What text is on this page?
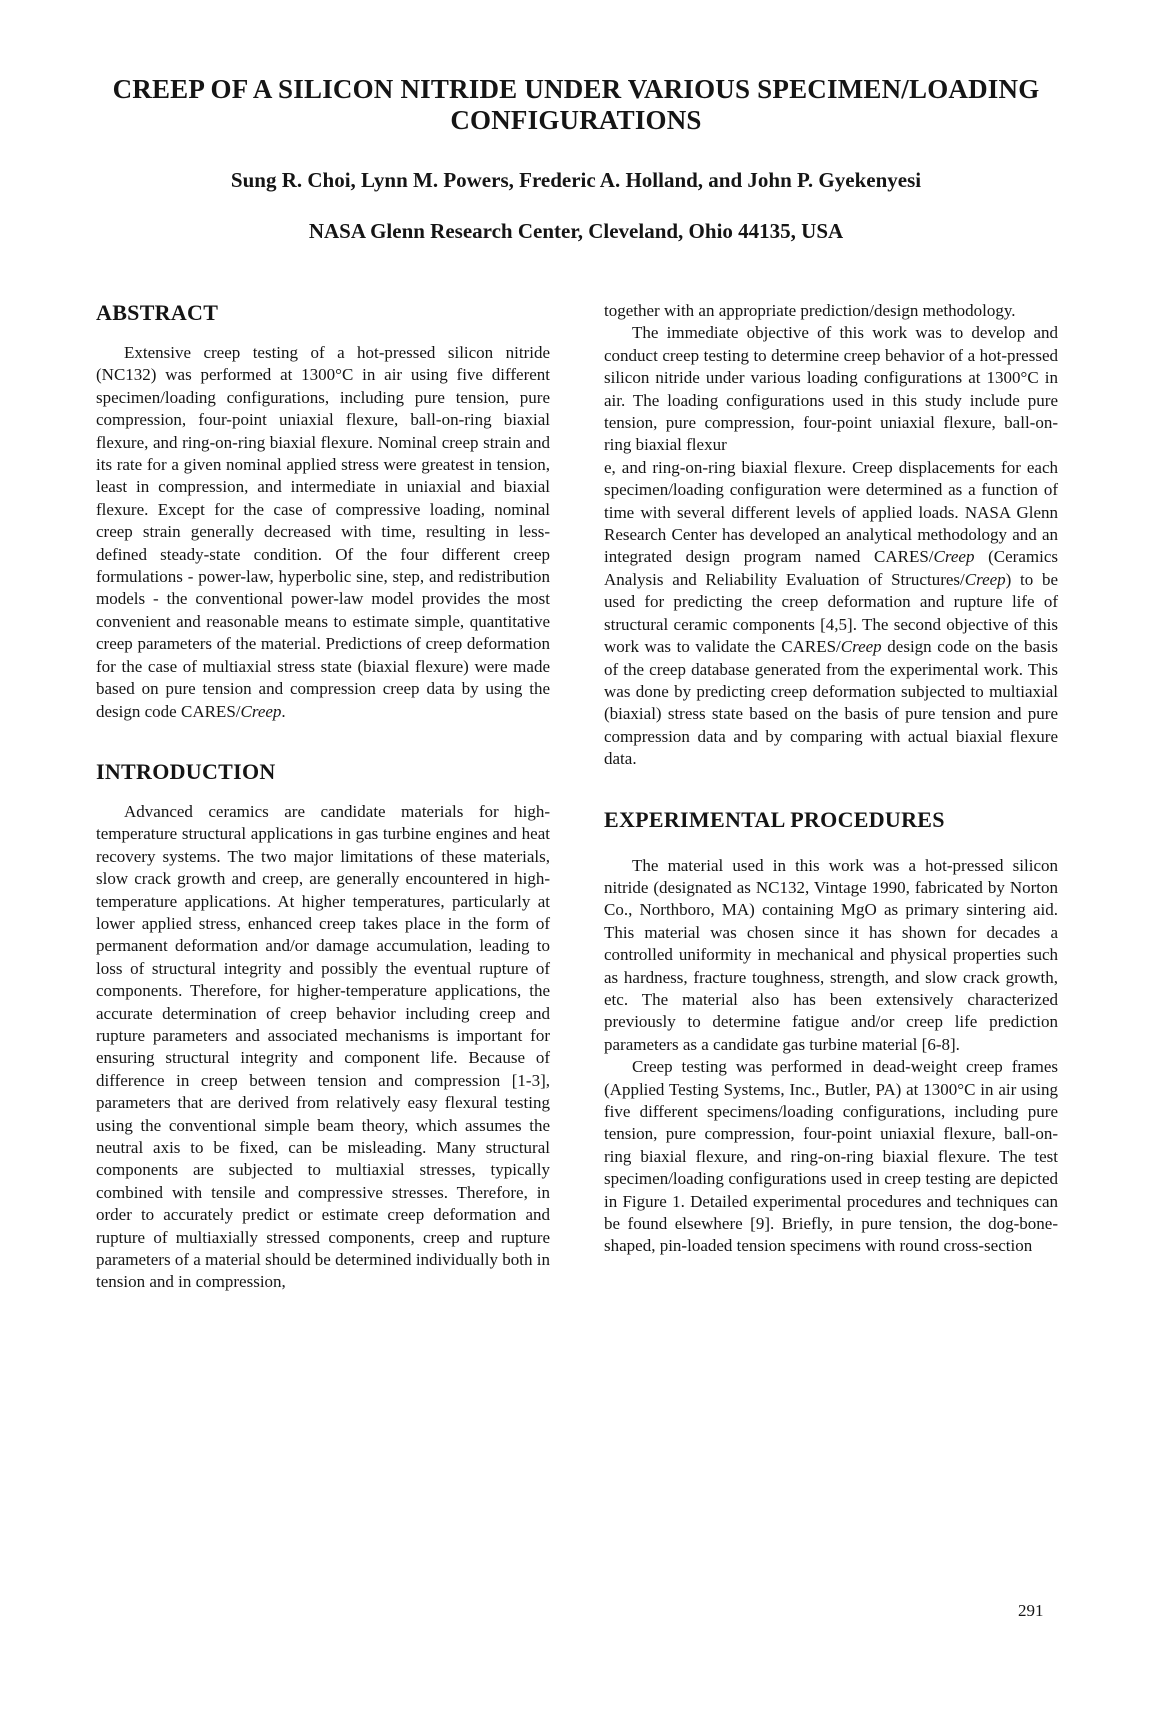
CREEP OF A SILICON NITRIDE UNDER VARIOUS SPECIMEN/LOADING CONFIGURATIONS
Sung R. Choi, Lynn M. Powers, Frederic A. Holland, and John P. Gyekenyesi
NASA Glenn Research Center, Cleveland, Ohio 44135, USA
ABSTRACT

Extensive creep testing of a hot-pressed silicon nitride (NC132) was performed at 1300°C in air using five different specimen/loading configurations, including pure tension, pure compression, four-point uniaxial flexure, ball-on-ring biaxial flexure, and ring-on-ring biaxial flexure. Nominal creep strain and its rate for a given nominal applied stress were greatest in tension, least in compression, and intermediate in uniaxial and biaxial flexure. Except for the case of compressive loading, nominal creep strain generally decreased with time, resulting in less-defined steady-state condition. Of the four different creep formulations - power-law, hyperbolic sine, step, and redistribution models - the conventional power-law model provides the most convenient and reasonable means to estimate simple, quantitative creep parameters of the material. Predictions of creep deformation for the case of multiaxial stress state (biaxial flexure) were made based on pure tension and compression creep data by using the design code CARES/Creep.

INTRODUCTION

Advanced ceramics are candidate materials for high-temperature structural applications in gas turbine engines and heat recovery systems. The two major limitations of these materials, slow crack growth and creep, are generally encountered in high-temperature applications. At higher temperatures, particularly at lower applied stress, enhanced creep takes place in the form of permanent deformation and/or damage accumulation, leading to loss of structural integrity and possibly the eventual rupture of components. Therefore, for higher-temperature applications, the accurate determination of creep behavior including creep and rupture parameters and associated mechanisms is important for ensuring structural integrity and component life. Because of difference in creep between tension and compression [1-3], parameters that are derived from relatively easy flexural testing using the conventional simple beam theory, which assumes the neutral axis to be fixed, can be misleading. Many structural components are subjected to multiaxial stresses, typically combined with tensile and compressive stresses. Therefore, in order to accurately predict or estimate creep deformation and rupture of multiaxially stressed components, creep and rupture parameters of a material should be determined individually both in tension and in compression,

together with an appropriate prediction/design methodology.

The immediate objective of this work was to develop and conduct creep testing to determine creep behavior of a hot-pressed silicon nitride under various loading configurations at 1300°C in air. The loading configurations used in this study include pure tension, pure compression, four-point uniaxial flexure, ball-on-ring biaxial flexur

e, and ring-on-ring biaxial flexure. Creep displacements for each specimen/loading configuration were determined as a function of time with several different levels of applied loads. NASA Glenn Research Center has developed an analytical methodology and an integrated design program named CARES/Creep (Ceramics Analysis and Reliability Evaluation of Structures/Creep) to be used for predicting the creep deformation and rupture life of structural ceramic components [4,5]. The second objective of this work was to validate the CARES/Creep design code on the basis of the creep database generated from the experimental work. This was done by predicting creep deformation subjected to multiaxial (biaxial) stress state based on the basis of pure tension and pure compression data and by comparing with actual biaxial flexure data.

EXPERIMENTAL PROCEDURES

The material used in this work was a hot-pressed silicon nitride (designated as NC132, Vintage 1990, fabricated by Norton Co., Northboro, MA) containing MgO as primary sintering aid. This material was chosen since it has shown for decades a controlled uniformity in mechanical and physical properties such as hardness, fracture toughness, strength, and slow crack growth, etc. The material also has been extensively characterized previously to determine fatigue and/or creep life prediction parameters as a candidate gas turbine material [6-8].

Creep testing was performed in dead-weight creep frames (Applied Testing Systems, Inc., Butler, PA) at 1300°C in air using five different specimens/loading configurations, including pure tension, pure compression, four-point uniaxial flexure, ball-on-ring biaxial flexure, and ring-on-ring biaxial flexure. The test specimen/loading configurations used in creep testing are depicted in Figure 1. Detailed experimental procedures and techniques can be found elsewhere [9]. Briefly, in pure tension, the dog-bone-shaped, pin-loaded tension specimens with round cross-section

291
